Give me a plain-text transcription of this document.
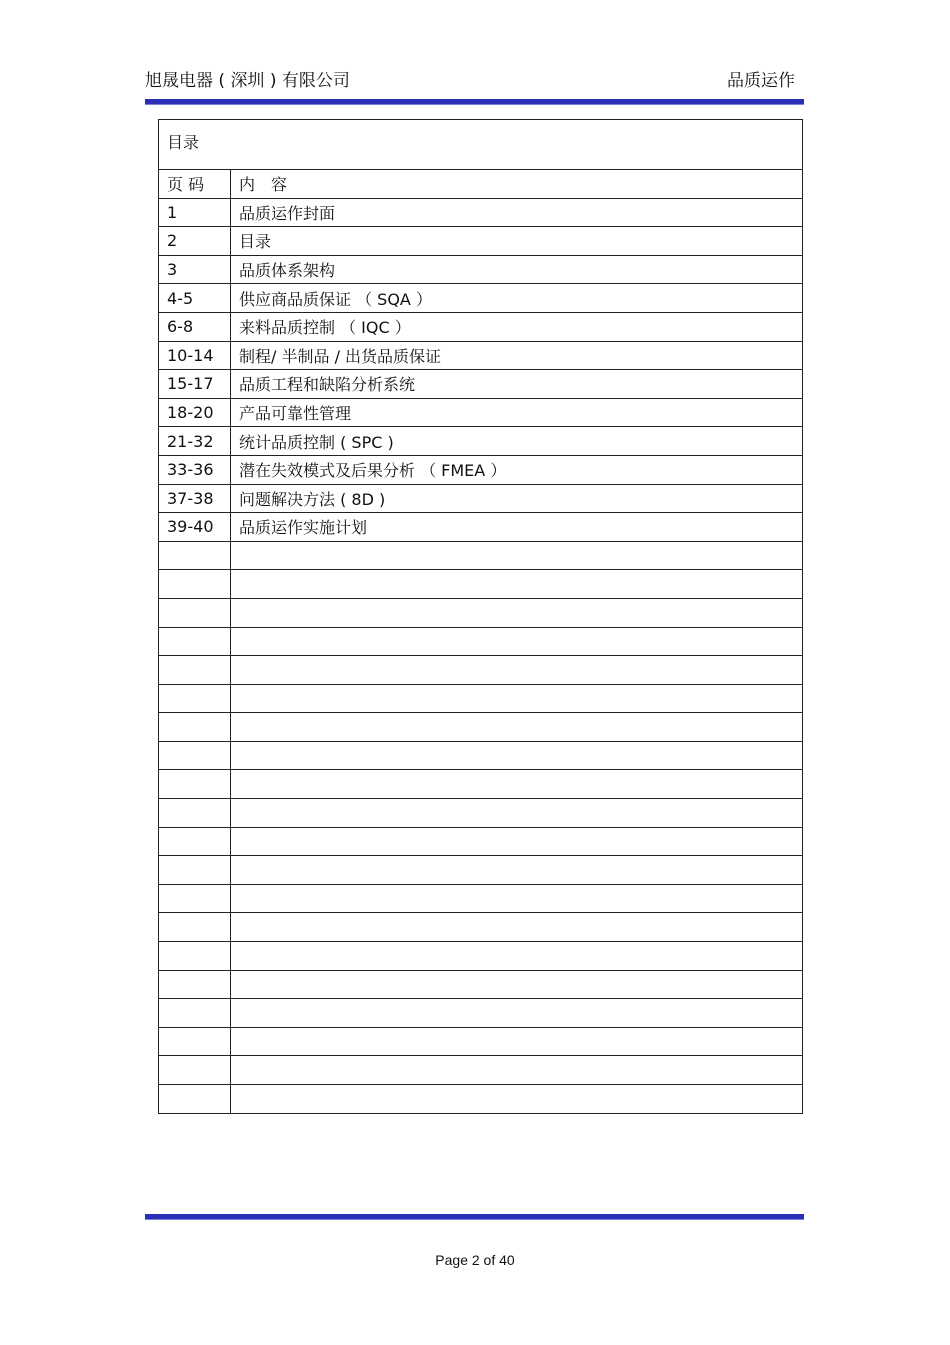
旭晟电器 ( 深圳 ) 有限公司	品质运作
目录	
页 码	内　容
1	品质运作封面
2	目录
3	品质体系架构
4-5	供应商品质保证 （ SQA ）
6-8	来料品质控制 （ IQC ）
10-14	制程/ 半制品 / 出货品质保证
15-17	品质工程和缺陷分析系统
18-20	产品可靠性管理
21-32	统计品质控制 ( SPC )
33-36	潜在失效模式及后果分析 （ FMEA ）
37-38	问题解决方法 ( 8D )
39-40	品质运作实施计划

Page 2 of 40
